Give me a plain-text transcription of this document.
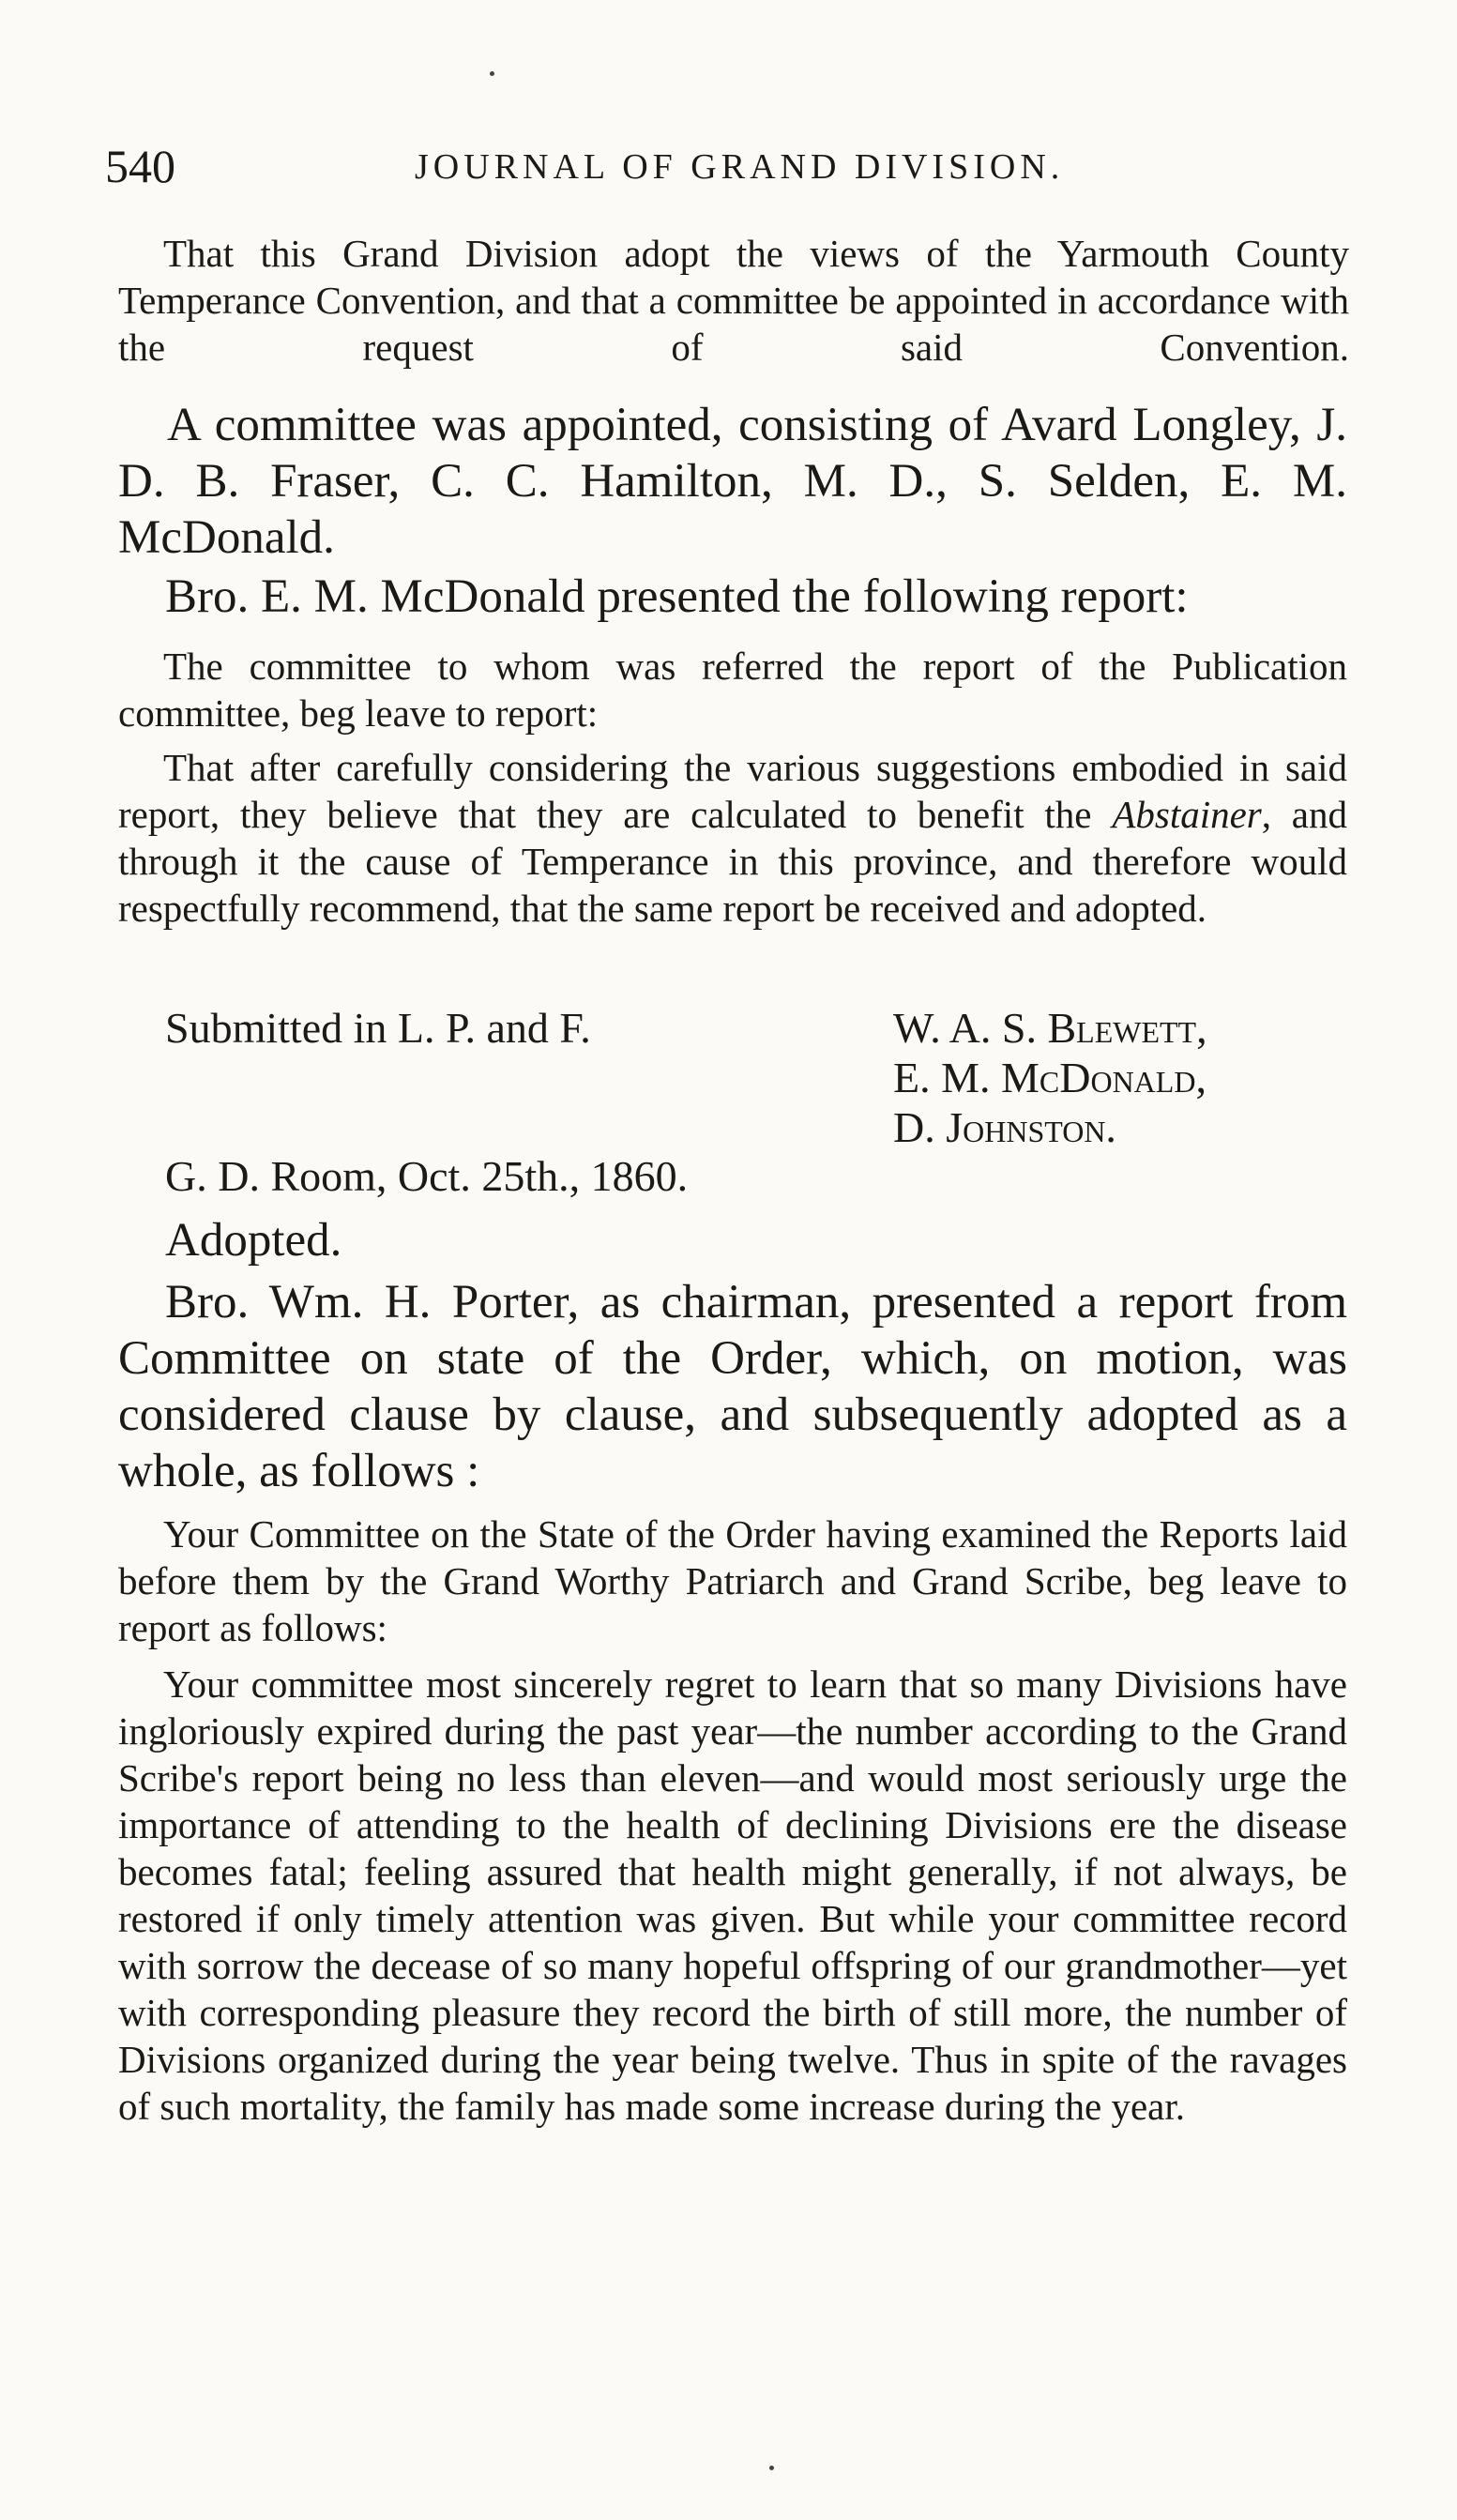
540	JOURNAL OF GRAND DIVISION.

That this Grand Division adopt the views of the Yarmouth County Temperance Convention, and that a committee be appointed in accordance with the request of said Convention.

A committee was appointed, consisting of Avard Longley, J. D. B. Fraser, C. C. Hamilton, M. D., S. Selden, E. M. McDonald.

Bro. E. M. McDonald presented the following report:

The committee to whom was referred the report of the Publication committee, beg leave to report:

That after carefully considering the various suggestions embodied in said report, they believe that they are calculated to benefit the Abstainer, and through it the cause of Temperance in this province, and therefore would respectfully recommend, that the same report be received and adopted.

Submitted in L. P. and F.	W. A. S. Blewett,
E. M. McDonald,
D. Johnston.
G. D. Room, Oct. 25th., 1860.

Adopted.

Bro. Wm. H. Porter, as chairman, presented a report from Committee on state of the Order, which, on motion, was considered clause by clause, and subsequently adopted as a whole, as follows :

Your Committee on the State of the Order having examined the Reports laid before them by the Grand Worthy Patriarch and Grand Scribe, beg leave to report as follows:

Your committee most sincerely regret to learn that so many Divisions have ingloriously expired during the past year—the number according to the Grand Scribe's report being no less than eleven—and would most seriously urge the importance of attending to the health of declining Divisions ere the disease becomes fatal; feeling assured that health might generally, if not always, be restored if only timely attention was given. But while your committee record with sorrow the decease of so many hopeful offspring of our grandmother—yet with corresponding pleasure they record the birth of still more, the number of Divisions organized during the year being twelve. Thus in spite of the ravages of such mortality, the family has made some increase during the year.
